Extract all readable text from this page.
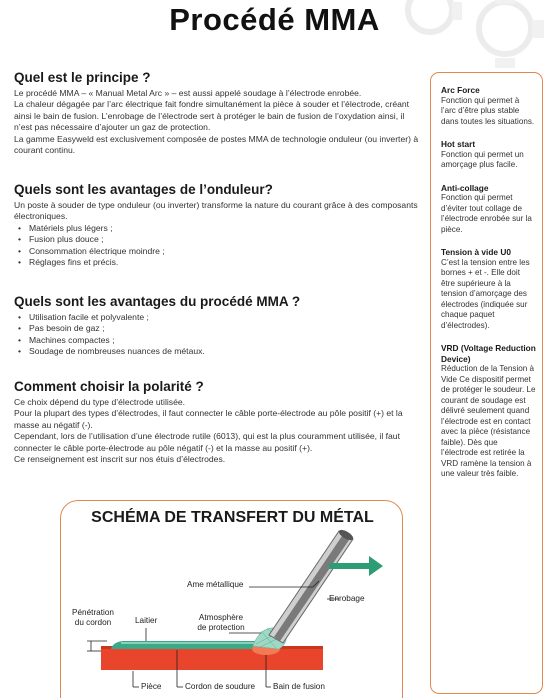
Procédé MMA
Quel est le principe ?

Le procédé MMA – « Manual Metal Arc » – est aussi appelé soudage à l’électrode enrobée.

La chaleur dégagée par l’arc électrique fait fondre simultanément la pièce à souder et l’électrode, créant ainsi le bain de fusion. L’enrobage de l’électrode sert à protéger le bain de fusion de l’oxydation ainsi, il n’est pas nécessaire d’ajouter un gaz de protection.

La gamme Easyweld est exclusivement composée de postes MMA de technologie onduleur (ou inverter) à courant continu.

Quels sont les avantages de l’onduleur?

Un poste à souder de type onduleur (ou inverter) transforme la nature du courant grâce à des composants électroniques.

• Matériels plus légers ;
• Fusion plus douce ;
• Consommation électrique moindre ;
• Réglages fins et précis.
Quels sont les avantages du procédé MMA ?
• Utilisation facile et polyvalente ;
• Pas besoin de gaz ;
• Machines compactes ;
• Soudage de nombreuses nuances de métaux.
Comment choisir la polarité ?

Ce choix dépend du type d’électrode utilisée.

Pour la plupart des types d’électrodes, il faut connecter le câble porte-électrode au pôle positif (+) et la masse au négatif (-).

Cependant, lors de l’utilisation d’une électrode rutile (6013), qui est la plus couramment utilisée, il faut connecter le câble porte-électrode au pôle négatif (-) et la masse au positif (+).

Ce renseignement est inscrit sur nos étuis d’électrodes.

Arc Force
Fonction qui permet à l’arc d’être plus stable dans toutes les situations.
Hot start
Fonction qui permet un amorçage plus facile.
Anti-collage
Fonction qui permet d’éviter tout collage de l’électrode enrobée sur la pièce.
Tension à vide U0
C’est la tension entre les bornes + et -. Elle doit être supérieure à la tension d’amorçage des électrodes (indiquée sur chaque paquet d’électrodes).
VRD (Voltage Reduction Device)
Réduction de la Tension à Vide Ce dispositif permet de protéger le soudeur. Le courant de soudage est délivré seulement quand l’électrode est en contact avec la pièce (résistance faible). Dès que l’électrode est retirée la VRD ramène la tension à une valeur très faible.
SCHÉMA DE TRANSFERT DU MÉTAL
Ame métallique
Enrobage
Pénétration
du cordon	Laitier	Atmosphère
de protection
Pièce	Cordon de soudure Bain de fusion
